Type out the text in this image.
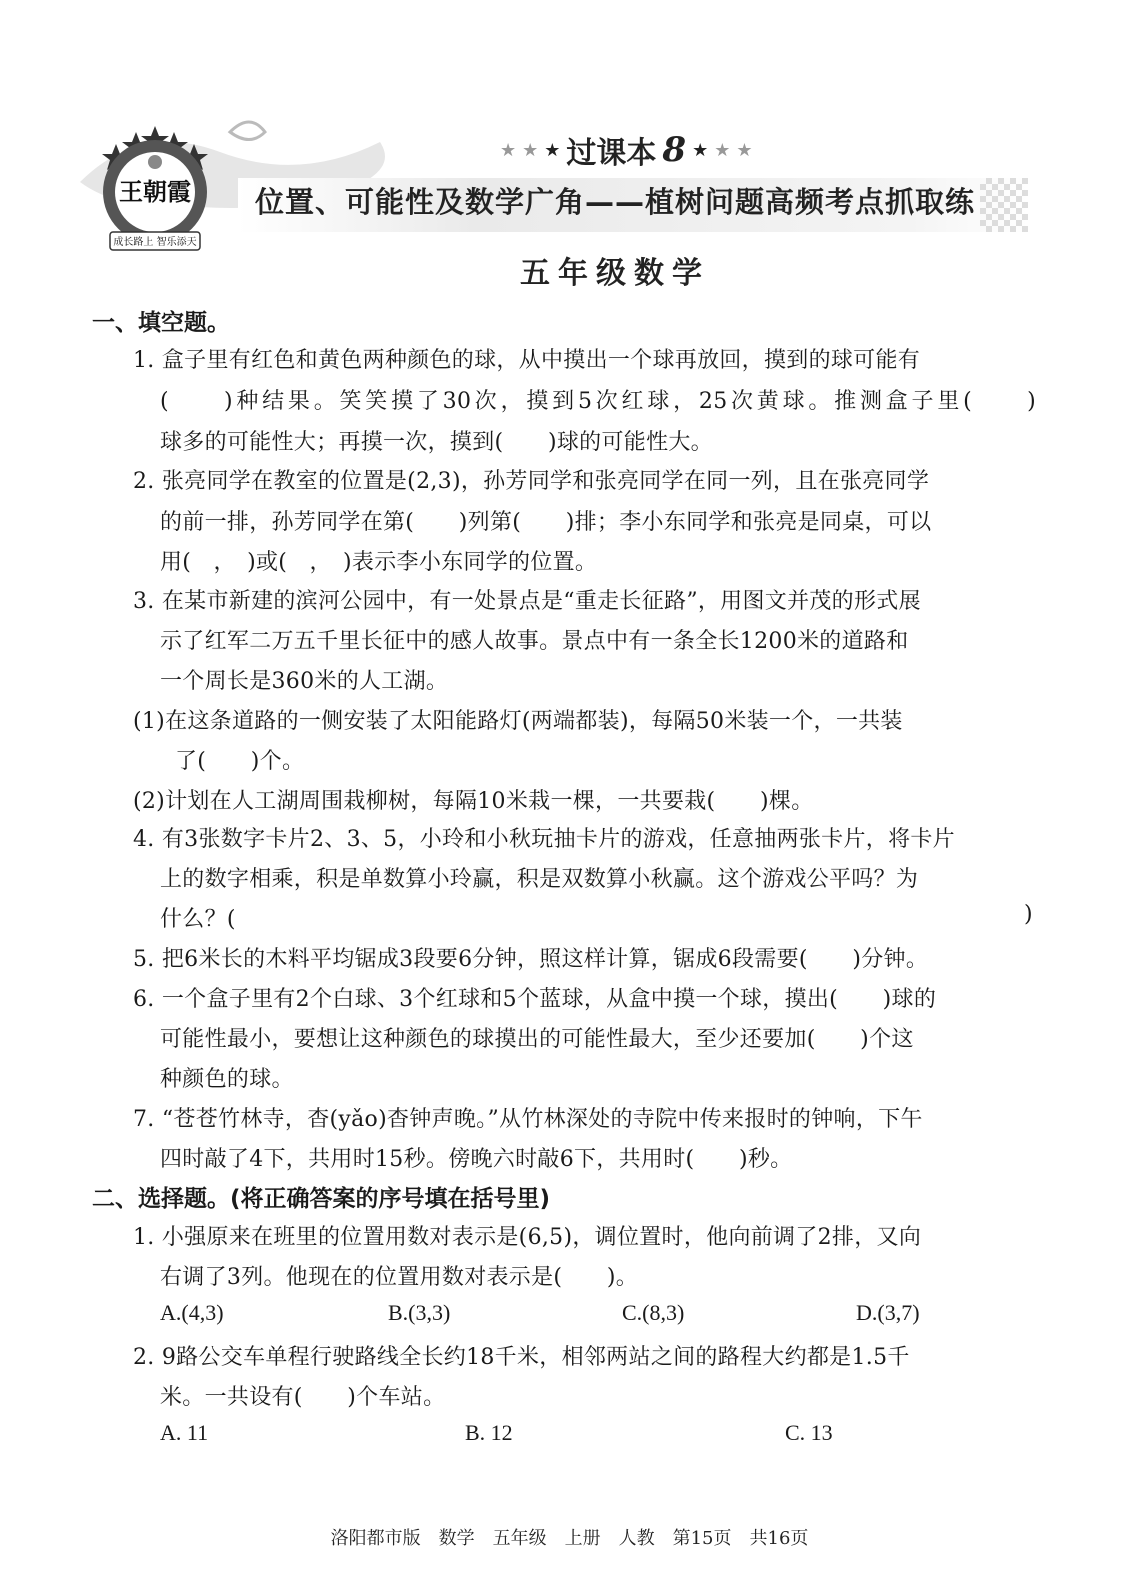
王朝霞
成长路上 智乐添天
★ ★ ★ 过课本 8 ★ ★ ★
位置、可能性及数学广角——植树问题高频考点抓取练
五年级数学
一、填空题。
1. 盒子里有红色和黄色两种颜色的球，从中摸出一个球再放回，摸到的球可能有
(　　)种结果。笑笑摸了30次，摸到5次红球，25次黄球。推测盒子里(　　)
球多的可能性大；再摸一次，摸到(　　)球的可能性大。
2. 张亮同学在教室的位置是(2,3)，孙芳同学和张亮同学在同一列，且在张亮同学
的前一排，孙芳同学在第(　　)列第(　　)排；李小东同学和张亮是同桌，可以
用(　，　)或(　，　)表示李小东同学的位置。
3. 在某市新建的滨河公园中，有一处景点是“重走长征路”，用图文并茂的形式展
示了红军二万五千里长征中的感人故事。景点中有一条全长1200米的道路和
一个周长是360米的人工湖。
(1)在这条道路的一侧安装了太阳能路灯(两端都装)，每隔50米装一个，一共装
了(　　)个。
(2)计划在人工湖周围栽柳树，每隔10米栽一棵，一共要栽(　　)棵。
4. 有3张数字卡片2、3、5，小玲和小秋玩抽卡片的游戏，任意抽两张卡片，将卡片
上的数字相乘，积是单数算小玲赢，积是双数算小秋赢。这个游戏公平吗？为
什么？(	)
5. 把6米长的木料平均锯成3段要6分钟，照这样计算，锯成6段需要(　　)分钟。
6. 一个盒子里有2个白球、3个红球和5个蓝球，从盒中摸一个球，摸出(　　)球的
可能性最小，要想让这种颜色的球摸出的可能性最大，至少还要加(　　)个这
种颜色的球。
7. “苍苍竹林寺，杳(yǎo)杳钟声晚。”从竹林深处的寺院中传来报时的钟响，下午
四时敲了4下，共用时15秒。傍晚六时敲6下，共用时(　　)秒。
二、选择题。(将正确答案的序号填在括号里)
1. 小强原来在班里的位置用数对表示是(6,5)，调位置时，他向前调了2排，又向
右调了3列。他现在的位置用数对表示是(　　)。
A.(4,3)	B.(3,3)	C.(8,3)	D.(3,7)
2. 9路公交车单程行驶路线全长约18千米，相邻两站之间的路程大约都是1.5千
米。一共设有(　　)个车站。
A. 11	B. 12	C. 13
洛阳都市版　数学　五年级　上册　人教　第15页　共16页
